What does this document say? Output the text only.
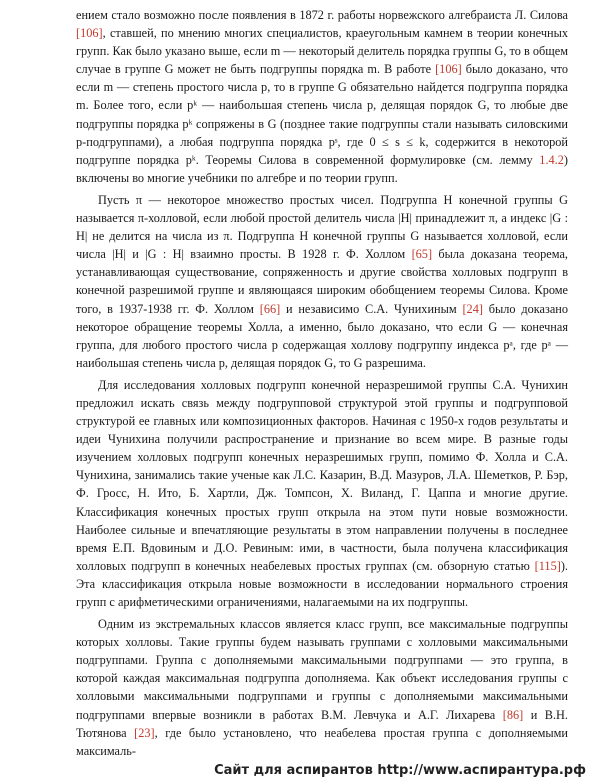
ением стало возможно после появления в 1872 г. работы норвежского алгебраиста Л. Силова [106], ставшей, по мнению многих специалистов, краеугольным камнем в теории конечных групп. Как было указано выше, если m — некоторый делитель порядка группы G, то в общем случае в группе G может не быть подгруппы порядка m. В работе [106] было доказано, что если m — степень простого числа p, то в группе G обязательно найдется подгруппа порядка m. Более того, если pᵏ — наибольшая степень числа p, делящая порядок G, то любые две подгруппы порядка pᵏ сопряжены в G (позднее такие подгруппы стали называть силовскими p-подгруппами), а любая подгруппа порядка pˢ, где 0 ≤ s ≤ k, содержится в некоторой подгруппе порядка pᵏ. Теоремы Силова в современной формулировке (см. лемму 1.4.2) включены во многие учебники по алгебре и по теории групп.

Пусть π — некоторое множество простых чисел. Подгруппа H конечной группы G называется π-холловой, если любой простой делитель числа |H| принадлежит π, а индекс |G : H| не делится на числа из π. Подгруппа H конечной группы G называется холловой, если числа |H| и |G : H| взаимно просты. В 1928 г. Ф. Холлом [65] была доказана теорема, устанавливающая существование, сопряженность и другие свойства холловых подгрупп в конечной разрешимой группе и являющаяся широким обобщением теоремы Силова. Кроме того, в 1937-1938 гг. Ф. Холлом [66] и независимо С.А. Чунихиным [24] было доказано некоторое обращение теоремы Холла, а именно, было доказано, что если G — конечная группа, для любого простого числа p содержащая холлову подгруппу индекса pᵃ, где pᵃ — наибольшая степень числа p, делящая порядок G, то G разрешима.

Для исследования холловых подгрупп конечной неразрешимой группы С.А. Чунихин предложил искать связь между подгрупповой структурой этой группы и подгрупповой структурой ее главных или композиционных факторов. Начиная с 1950-х годов результаты и идеи Чунихина получили распространение и признание во всем мире. В разные годы изучением холловых подгрупп конечных неразрешимых групп, помимо Ф. Холла и С.А. Чунихина, занимались такие ученые как Л.С. Казарин, В.Д. Мазуров, Л.А. Шеметков, Р. Бэр, Ф. Гросс, Н. Ито, Б. Хартли, Дж. Томпсон, Х. Виланд, Г. Цаппа и многие другие. Классификация конечных простых групп открыла на этом пути новые возможности. Наиболее сильные и впечатляющие результаты в этом направлении получены в последнее время Е.П. Вдовиным и Д.О. Ревиным: ими, в частности, была получена классификация холловых подгрупп в конечных неабелевых простых группах (см. обзорную статью [115]). Эта классификация открыла новые возможности в исследовании нормального строения групп с арифметическими ограничениями, налагаемыми на их подгруппы.

Одним из экстремальных классов является класс групп, все максимальные подгруппы которых холловы. Такие группы будем называть группами с холловыми максимальными подгруппами. Группа с дополняемыми максимальными подгруппами — это группа, в которой каждая максимальная подгруппа дополняема. Как объект исследования группы с холловыми максимальными подгруппами и группы с дополняемыми максимальными подгруппами впервые возникли в работах В.М. Левчука и А.Г. Лихарева [86] и В.Н. Тютянова [23], где было установлено, что неабелева простая группа с дополняемыми максималь-

Сайт для аспирантов http://www.аспирантура.рф
